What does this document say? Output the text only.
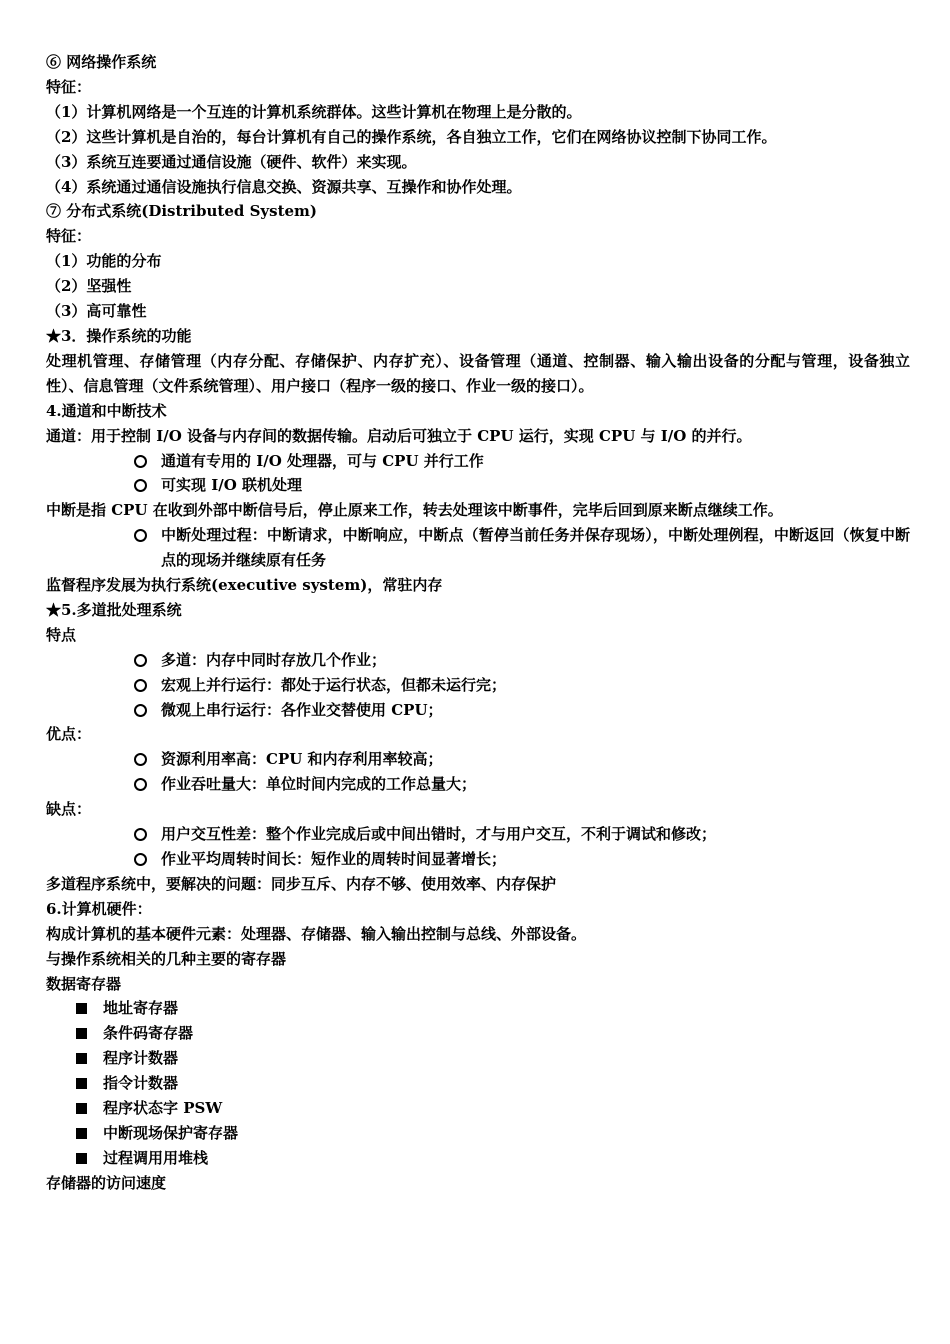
⑥ 网络操作系统
特征：
（1）计算机网络是一个互连的计算机系统群体。这些计算机在物理上是分散的。
（2）这些计算机是自治的，每台计算机有自己的操作系统，各自独立工作，它们在网络协议控制下协同工作。
（3）系统互连要通过通信设施（硬件、软件）来实现。
（4）系统通过通信设施执行信息交换、资源共享、互操作和协作处理。
⑦ 分布式系统(Distributed System)
特征：
（1）功能的分布
（2）坚强性
（3）高可靠性
★3．操作系统的功能
处理机管理、存储管理（内存分配、存储保护、内存扩充）、设备管理（通道、控制器、输入输出设备的分配与管理，设备独立性）、信息管理（文件系统管理）、用户接口（程序一级的接口、作业一级的接口）。
4.通道和中断技术
通道：用于控制 I/O 设备与内存间的数据传输。启动后可独立于 CPU 运行，实现 CPU 与 I/O 的并行。
通道有专用的 I/O 处理器，可与 CPU 并行工作
可实现 I/O 联机处理
中断是指 CPU 在收到外部中断信号后，停止原来工作，转去处理该中断事件，完毕后回到原来断点继续工作。
中断处理过程：中断请求，中断响应，中断点（暂停当前任务并保存现场），中断处理例程，中断返回（恢复中断点的现场并继续原有任务
监督程序发展为执行系统(executive system)，常驻内存
★5.多道批处理系统
特点
多道：内存中同时存放几个作业；
宏观上并行运行：都处于运行状态，但都未运行完；
微观上串行运行：各作业交替使用 CPU；
优点：
资源利用率高：CPU 和内存利用率较高；
作业吞吐量大：单位时间内完成的工作总量大；
缺点：
用户交互性差：整个作业完成后或中间出错时，才与用户交互，不利于调试和修改；
作业平均周转时间长：短作业的周转时间显著增长；
多道程序系统中，要解决的问题：同步互斥、内存不够、使用效率、内存保护
6.计算机硬件：
构成计算机的基本硬件元素：处理器、存储器、输入输出控制与总线、外部设备。
与操作系统相关的几种主要的寄存器
数据寄存器
地址寄存器
条件码寄存器
程序计数器
指令计数器
程序状态字 PSW
中断现场保护寄存器
过程调用用堆栈
存储器的访问速度
